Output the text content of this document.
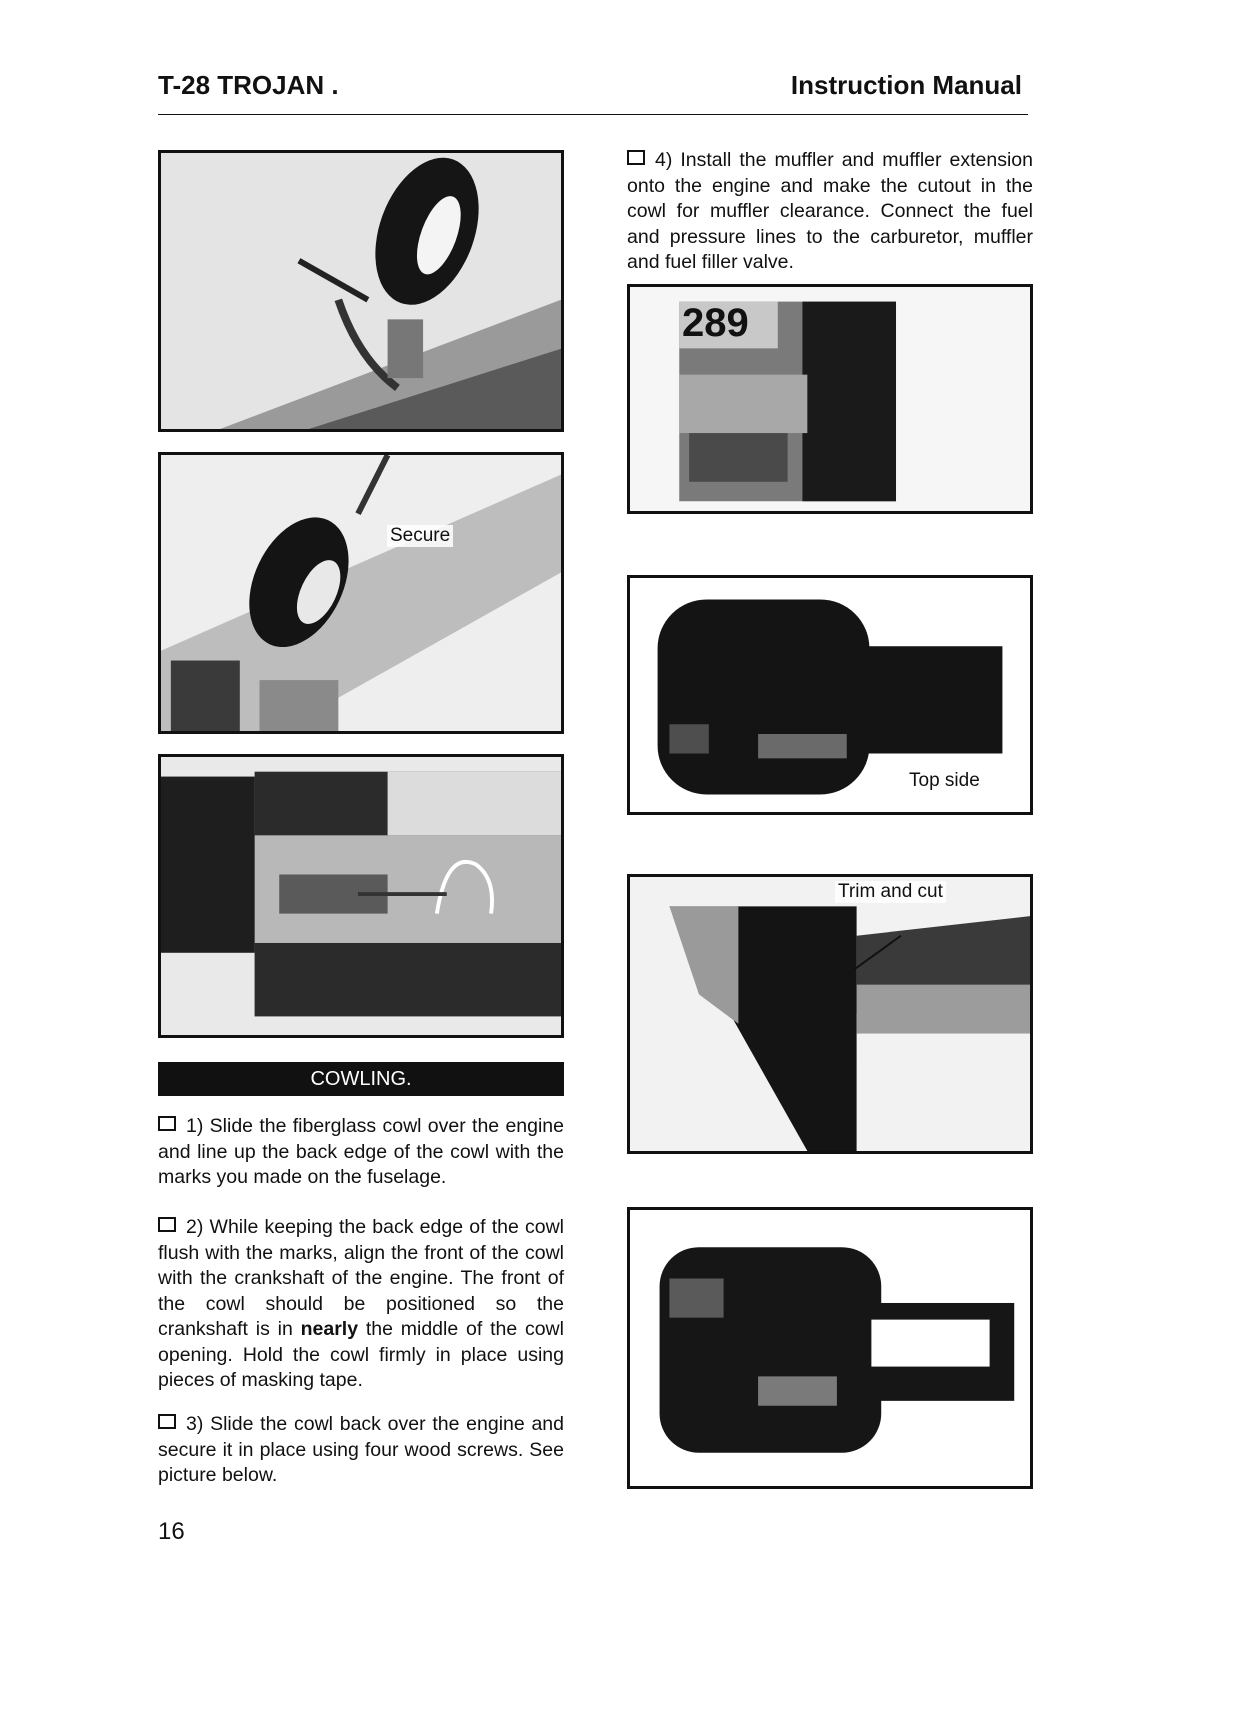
T-28 TROJAN .	Instruction Manual
Secure
COWLING.
1) Slide the fiberglass cowl over the engine and line up the back edge of the cowl with the marks you made on the fuselage.
2) While keeping the back edge of the cowl flush with the marks, align the front of the cowl with the crankshaft of the engine. The front of the cowl should be positioned so the crankshaft is in nearly the middle of the cowl opening. Hold the cowl firmly in place using pieces of masking tape.
3) Slide the cowl back over the engine and secure it in place using four wood screws. See picture below.
16
4) Install the muffler and muffler extension onto the engine and make the cutout in the cowl for muffler clearance. Connect the fuel and pressure lines to the carburetor, muffler and fuel filler valve.
289
Top side
Trim and cut
